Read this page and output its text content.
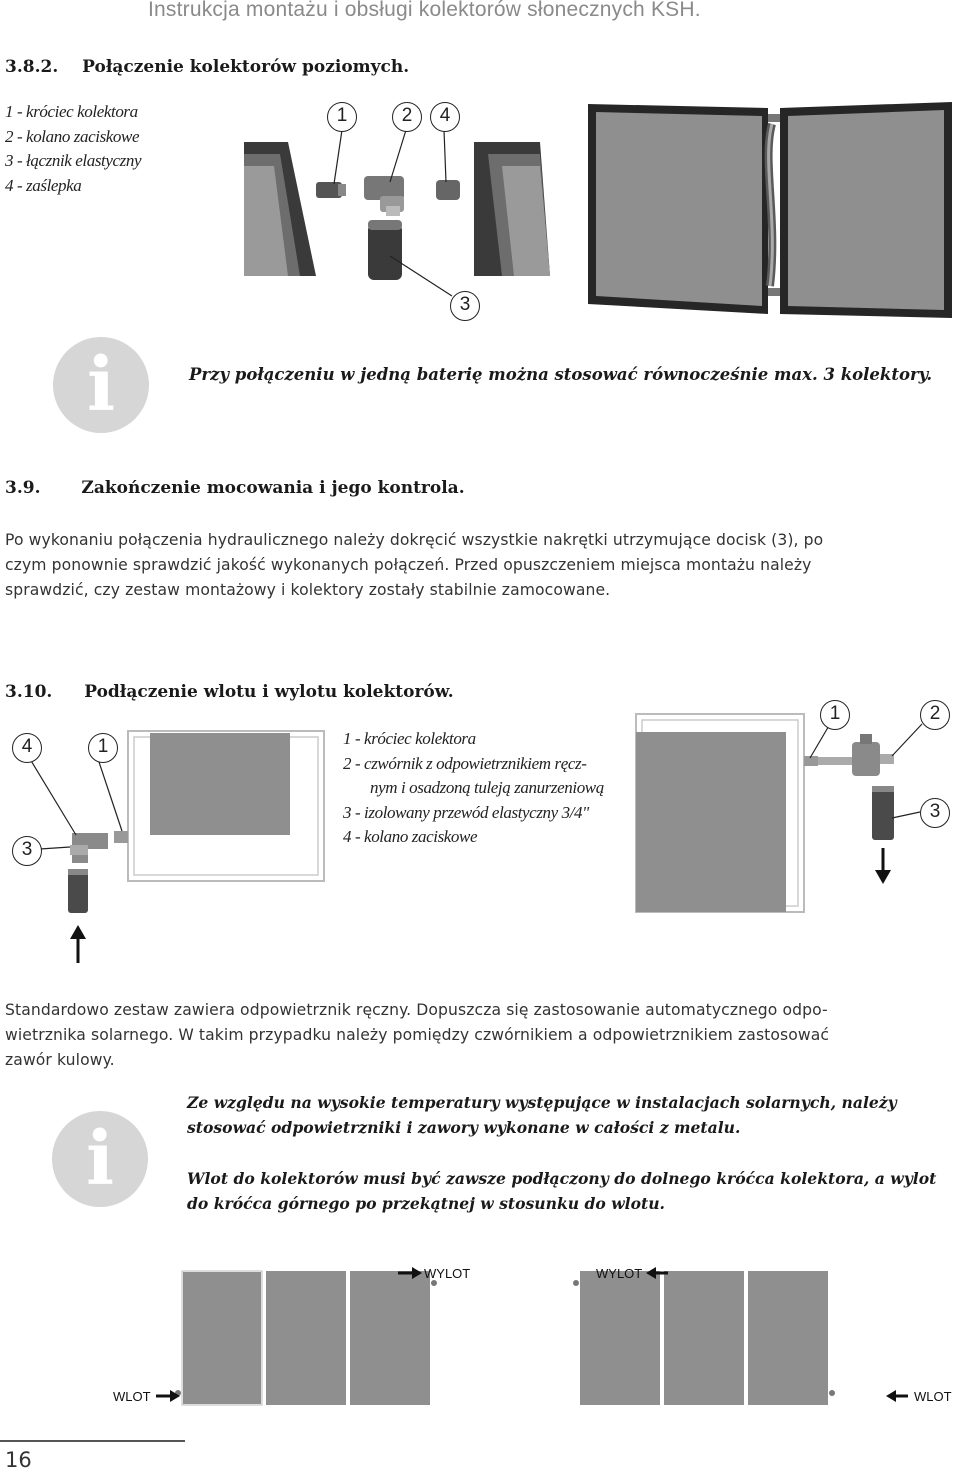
Instrukcja montażu i obsługi kolektorów słonecznych KSH.
3.8.2. Połączenie kolektorów poziomych.
1 - króciec kolektora
2 - kolano zaciskowe
3 - łącznik elastyczny
4 - zaślepka
1	2	4
3
i	Przy połączeniu w jedną baterię można stosować równocześnie max. 3 kolektory.
3.9. Zakończenie mocowania i jego kontrola.
Po wykonaniu połączenia hydraulicznego należy dokręcić wszystkie nakrętki utrzymujące docisk (3), po
czym ponownie sprawdzić jakość wykonanych połączeń. Przed opuszczeniem miejsca montażu należy
sprawdzić, czy zestaw montażowy i kolektory zostały stabilnie zamocowane.
3.10. Podłączenie wlotu i wylotu kolektorów.
4	1
3
1 - króciec kolektora
2 - czwórnik z odpowietrznikiem ręcz-
nym i osadzoną tuleją zanurzeniową
3 - izolowany przewód elastyczny 3/4"
4 - kolano zaciskowe
1	2
3
Standardowo zestaw zawiera odpowietrznik ręczny. Dopuszcza się zastosowanie automatycznego odpo-
wietrznika solarnego. W takim przypadku należy pomiędzy czwórnikiem a odpowietrznikiem zastosować
zawór kulowy.
i
Ze względu na wysokie temperatury występujące w instalacjach solarnych, należy
stosować odpowietrzniki i zawory wykonane w całości z metalu.
Wlot do kolektorów musi być zawsze podłączony do dolnego króćca kolektora, a wylot
do króćca górnego po przekątnej w stosunku do wlotu.
WYLOT	WYLOT
WLOT	WLOT
16
